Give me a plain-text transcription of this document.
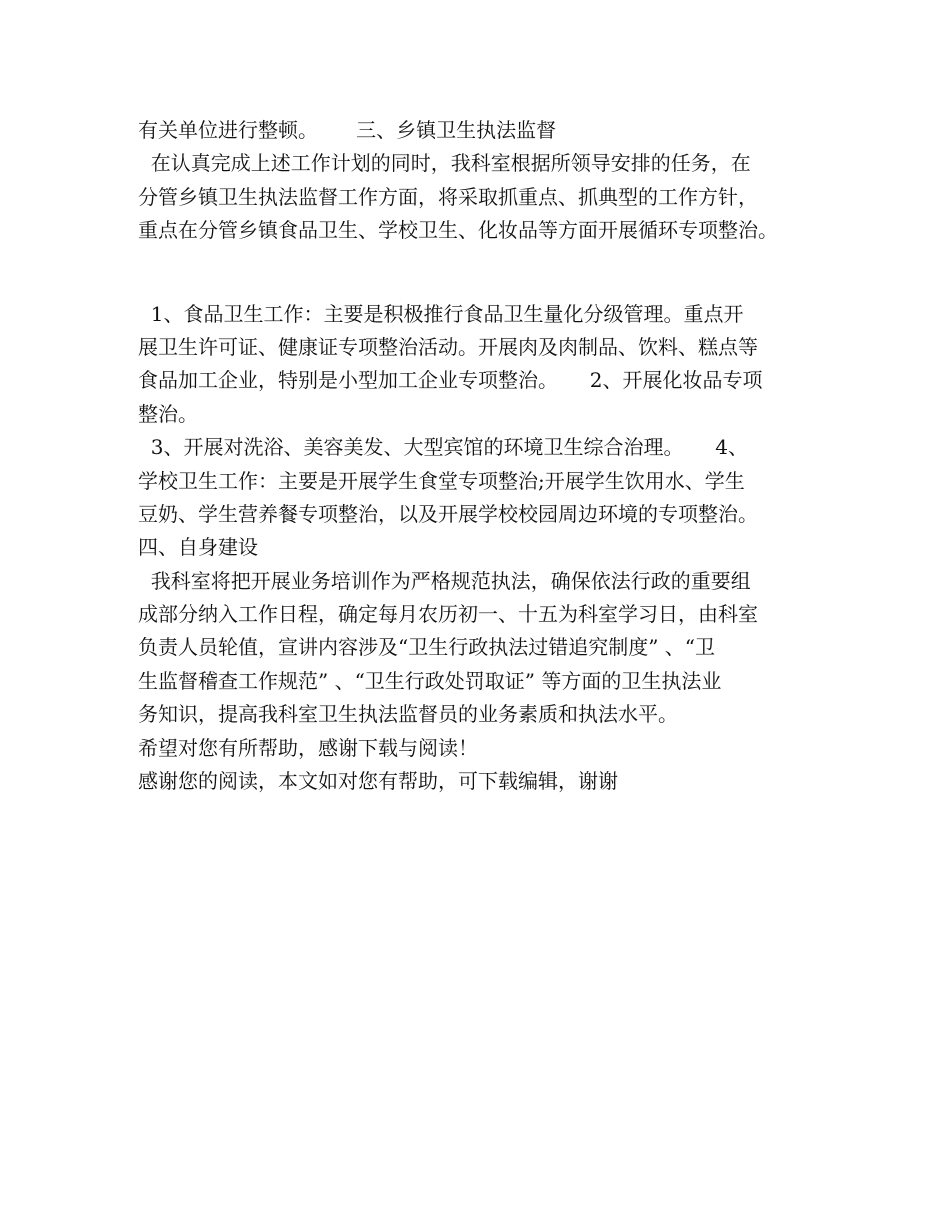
有关单位进行整顿。      三、乡镇卫生执法监督
在认真完成上述工作计划的同时，我科室根据所领导安排的任务，在
分管乡镇卫生执法监督工作方面，将采取抓重点、抓典型的工作方针，
重点在分管乡镇食品卫生、学校卫生、化妆品等方面开展循环专项整治。
1、食品卫生工作：主要是积极推行食品卫生量化分级管理。重点开
展卫生许可证、健康证专项整治活动。开展肉及肉制品、饮料、糕点等
食品加工企业，特别是小型加工企业专项整治。     2、开展化妆品专项
整治。
3、开展对洗浴、美容美发、大型宾馆的环境卫生综合治理。     4、
学校卫生工作：主要是开展学生食堂专项整治;开展学生饮用水、学生
豆奶、学生营养餐专项整治，以及开展学校校园周边环境的专项整治。
四、自身建设
我科室将把开展业务培训作为严格规范执法，确保依法行政的重要组
成部分纳入工作日程，确定每月农历初一、十五为科室学习日，由科室
负责人员轮值，宣讲内容涉及“卫生行政执法过错追究制度” 、“卫
生监督稽查工作规范” 、“卫生行政处罚取证” 等方面的卫生执法业
务知识，提高我科室卫生执法监督员的业务素质和执法水平。
希望对您有所帮助，感谢下载与阅读！
感谢您的阅读，本文如对您有帮助，可下载编辑，谢谢
